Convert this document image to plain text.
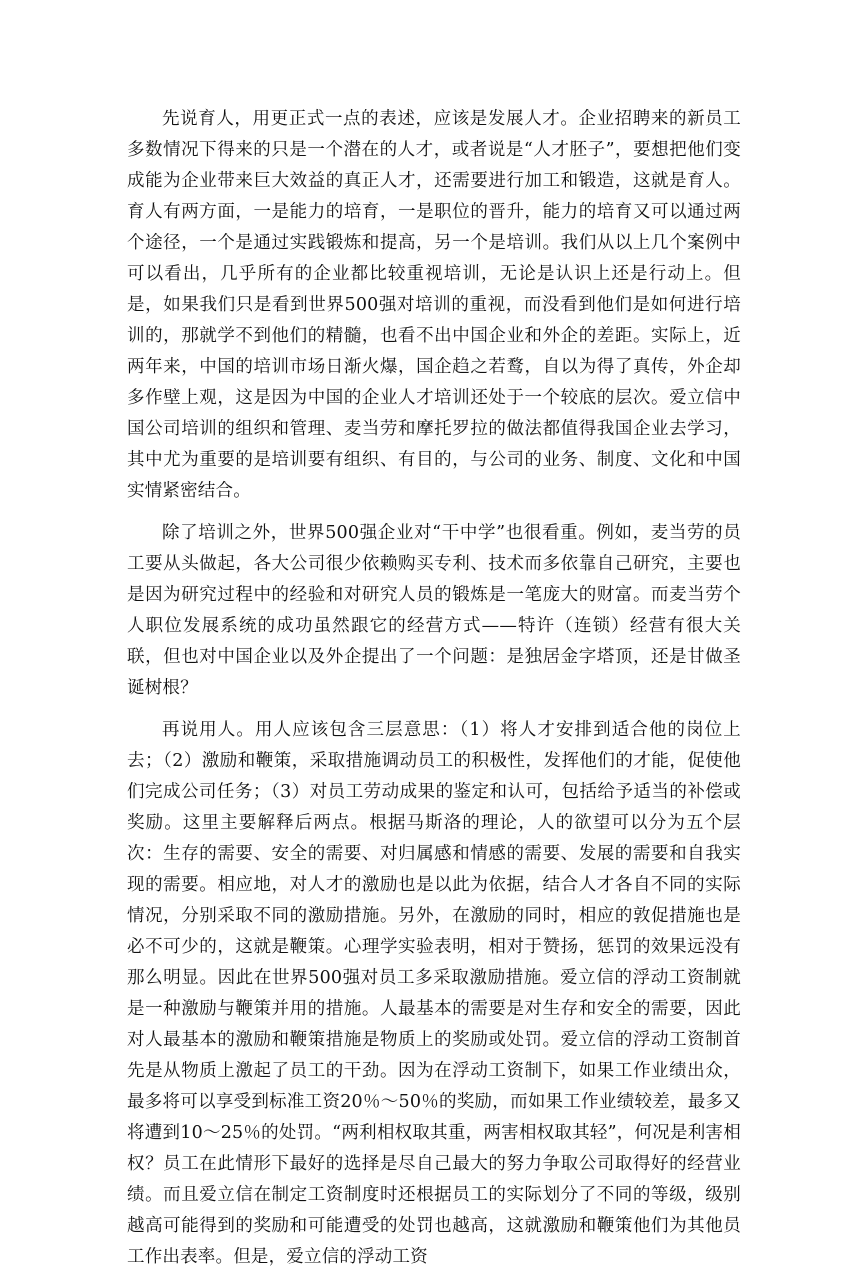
先说育人，用更正式一点的表述，应该是发展人才。企业招聘来的新员工多数情况下得来的只是一个潜在的人才，或者说是“人才胚子”，要想把他们变成能为企业带来巨大效益的真正人才，还需要进行加工和锻造，这就是育人。育人有两方面，一是能力的培育，一是职位的晋升，能力的培育又可以通过两个途径，一个是通过实践锻炼和提高，另一个是培训。我们从以上几个案例中可以看出，几乎所有的企业都比较重视培训，无论是认识上还是行动上。但是，如果我们只是看到世界500强对培训的重视，而没看到他们是如何进行培训的，那就学不到他们的精髓，也看不出中国企业和外企的差距。实际上，近两年来，中国的培训市场日渐火爆，国企趋之若鹜，自以为得了真传，外企却多作壁上观，这是因为中国的企业人才培训还处于一个较底的层次。爱立信中国公司培训的组织和管理、麦当劳和摩托罗拉的做法都值得我国企业去学习，其中尤为重要的是培训要有组织、有目的，与公司的业务、制度、文化和中国实情紧密结合。

除了培训之外，世界500强企业对“干中学”也很看重。例如，麦当劳的员工要从头做起，各大公司很少依赖购买专利、技术而多依靠自己研究，主要也是因为研究过程中的经验和对研究人员的锻炼是一笔庞大的财富。而麦当劳个人职位发展系统的成功虽然跟它的经营方式——特许（连锁）经营有很大关联，但也对中国企业以及外企提出了一个问题：是独居金字塔顶，还是甘做圣诞树根？

再说用人。用人应该包含三层意思：（1）将人才安排到适合他的岗位上去；（2）激励和鞭策，采取措施调动员工的积极性，发挥他们的才能，促使他们完成公司任务；（3）对员工劳动成果的鉴定和认可，包括给予适当的补偿或奖励。这里主要解释后两点。根据马斯洛的理论，人的欲望可以分为五个层次：生存的需要、安全的需要、对归属感和情感的需要、发展的需要和自我实现的需要。相应地，对人才的激励也是以此为依据，结合人才各自不同的实际情况，分别采取不同的激励措施。另外，在激励的同时，相应的敦促措施也是必不可少的，这就是鞭策。心理学实验表明，相对于赞扬，惩罚的效果远没有那么明显。因此在世界500强对员工多采取激励措施。爱立信的浮动工资制就是一种激励与鞭策并用的措施。人最基本的需要是对生存和安全的需要，因此对人最基本的激励和鞭策措施是物质上的奖励或处罚。爱立信的浮动工资制首先是从物质上激起了员工的干劲。因为在浮动工资制下，如果工作业绩出众，最多将可以享受到标准工资20％～50％的奖励，而如果工作业绩较差，最多又将遭到10～25％的处罚。“两利相权取其重，两害相权取其轻”，何况是利害相权？员工在此情形下最好的选择是尽自己最大的努力争取公司取得好的经营业绩。而且爱立信在制定工资制度时还根据员工的实际划分了不同的等级，级别越高可能得到的奖励和可能遭受的处罚也越高，这就激励和鞭策他们为其他员工作出表率。但是，爱立信的浮动工资
